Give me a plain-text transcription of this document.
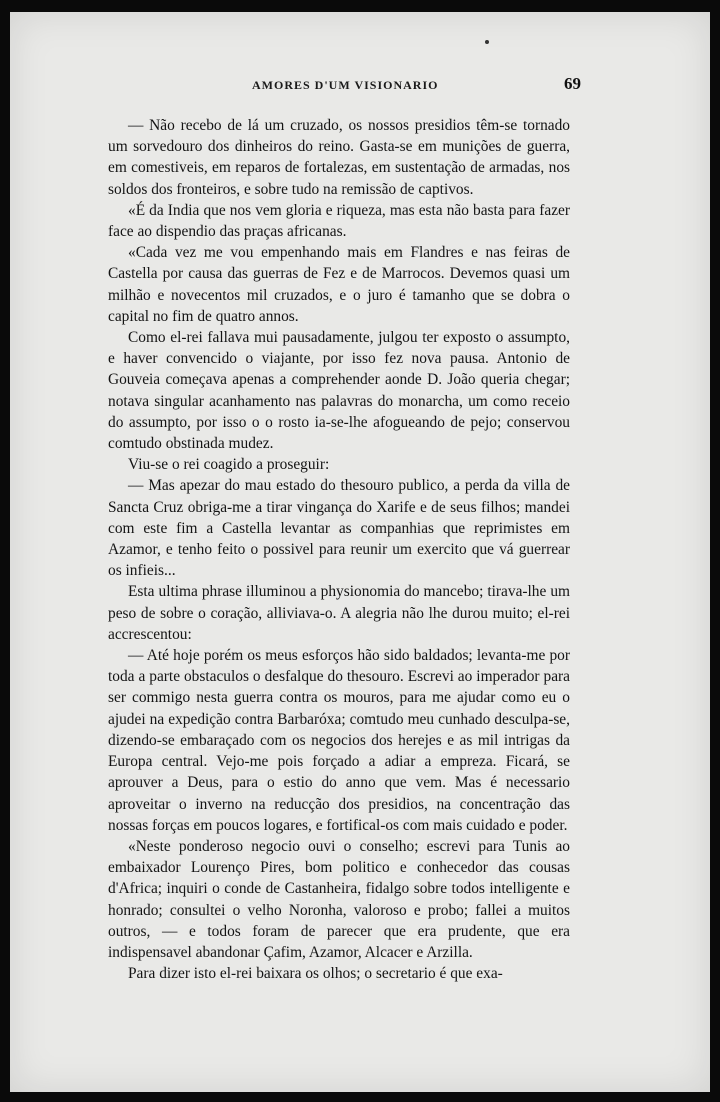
AMORES D'UM VISIONARIO	69

— Não recebo de lá um cruzado, os nossos presidios têm-se tornado um sorvedouro dos dinheiros do reino. Gasta-se em munições de guerra, em comestiveis, em reparos de fortalezas, em sustentação de armadas, nos soldos dos fronteiros, e sobre tudo na remissão de captivos.

«É da India que nos vem gloria e riqueza, mas esta não basta para fazer face ao dispendio das praças africanas.

«Cada vez me vou empenhando mais em Flandres e nas feiras de Castella por causa das guerras de Fez e de Marrocos. Devemos quasi um milhão e novecentos mil cruzados, e o juro é tamanho que se dobra o capital no fim de quatro annos.

Como el-rei fallava mui pausadamente, julgou ter exposto o assumpto, e haver convencido o viajante, por isso fez nova pausa. Antonio de Gouveia começava apenas a comprehender aonde D. João queria chegar; notava singular acanhamento nas palavras do monarcha, um como receio do assumpto, por isso o o rosto ia-se-lhe afogueando de pejo; conservou comtudo obstinada mudez.

Viu-se o rei coagido a proseguir:

— Mas apezar do mau estado do thesouro publico, a perda da villa de Sancta Cruz obriga-me a tirar vingança do Xarife e de seus filhos; mandei com este fim a Castella levantar as companhias que reprimistes em Azamor, e tenho feito o possivel para reunir um exercito que vá guerrear os infieis...

Esta ultima phrase illuminou a physionomia do mancebo; tirava-lhe um peso de sobre o coração, alliviava-o. A alegria não lhe durou muito; el-rei accrescentou:

— Até hoje porém os meus esforços hão sido baldados; levanta-me por toda a parte obstaculos o desfalque do thesouro. Escrevi ao imperador para ser commigo nesta guerra contra os mouros, para me ajudar como eu o ajudei na expedição contra Barbaróxa; comtudo meu cunhado desculpa-se, dizendo-se embaraçado com os negocios dos herejes e as mil intrigas da Europa central. Vejo-me pois forçado a adiar a empreza. Ficará, se aprouver a Deus, para o estio do anno que vem. Mas é necessario aproveitar o inverno na reducção dos presidios, na concentração das nossas forças em poucos logares, e fortifical-os com mais cuidado e poder.

«Neste ponderoso negocio ouvi o conselho; escrevi para Tunis ao embaixador Lourenço Pires, bom politico e conhecedor das cousas d'Africa; inquiri o conde de Castanheira, fidalgo sobre todos intelligente e honrado; consultei o velho Noronha, valoroso e probo; fallei a muitos outros, — e todos foram de parecer que era prudente, que era indispensavel abandonar Çafim, Azamor, Alcacer e Arzilla.

Para dizer isto el-rei baixara os olhos; o secretario é que exa-
